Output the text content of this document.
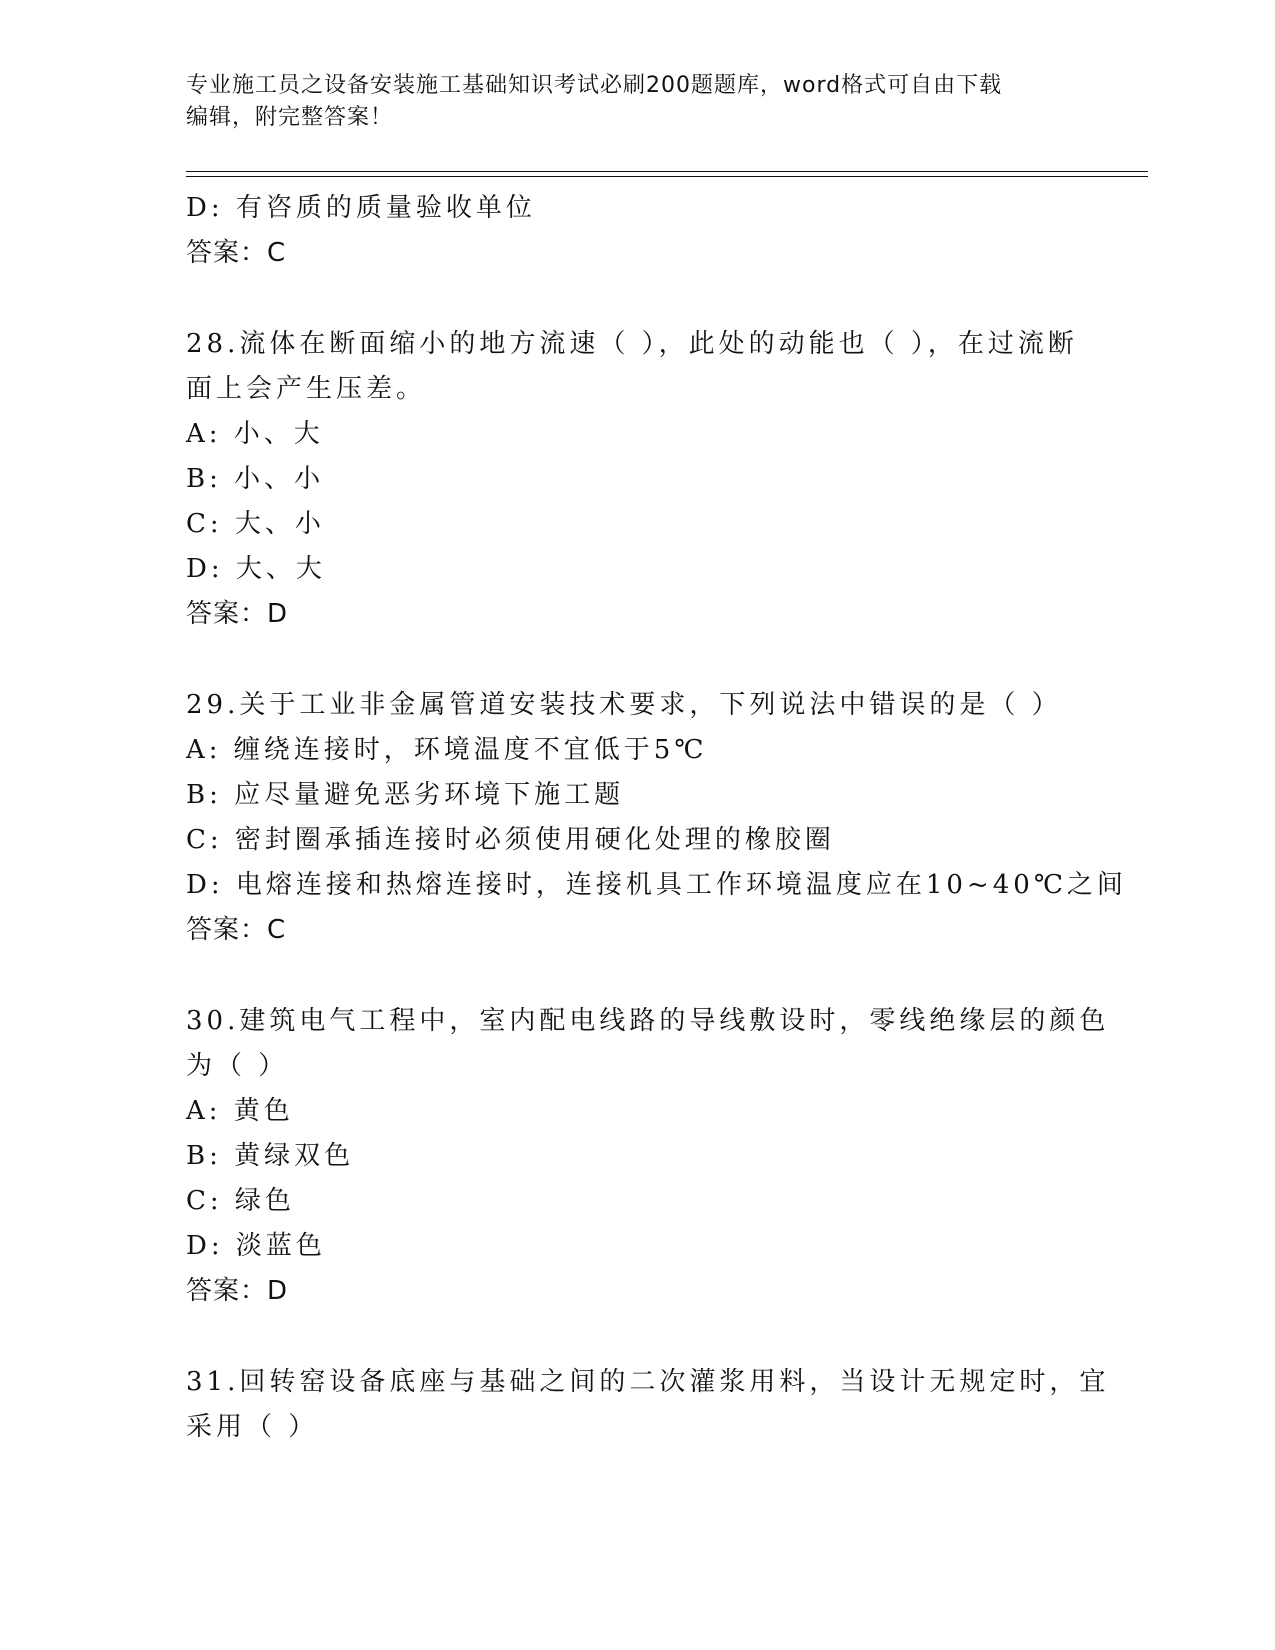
专业施工员之设备安装施工基础知识考试必刷200题题库，word格式可自由下载
编辑，附完整答案！
D: 有咨质的质量验收单位
答案：C
28.流体在断面缩小的地方流速（ ），此处的动能也（ ），在过流断
面上会产生压差。
A: 小、大
B: 小、小
C: 大、小
D: 大、大
答案：D
29.关于工业非金属管道安装技术要求，下列说法中错误的是（ ）
A: 缠绕连接时，环境温度不宜低于5℃
B: 应尽量避免恶劣环境下施工题
C: 密封圈承插连接时必须使用硬化处理的橡胶圈
D: 电熔连接和热熔连接时，连接机具工作环境温度应在10~40℃之间
答案：C
30.建筑电气工程中，室内配电线路的导线敷设时，零线绝缘层的颜色
为（ ）
A: 黄色
B: 黄绿双色
C: 绿色
D: 淡蓝色
答案：D
31.回转窑设备底座与基础之间的二次灌浆用料，当设计无规定时，宜
采用（ ）
